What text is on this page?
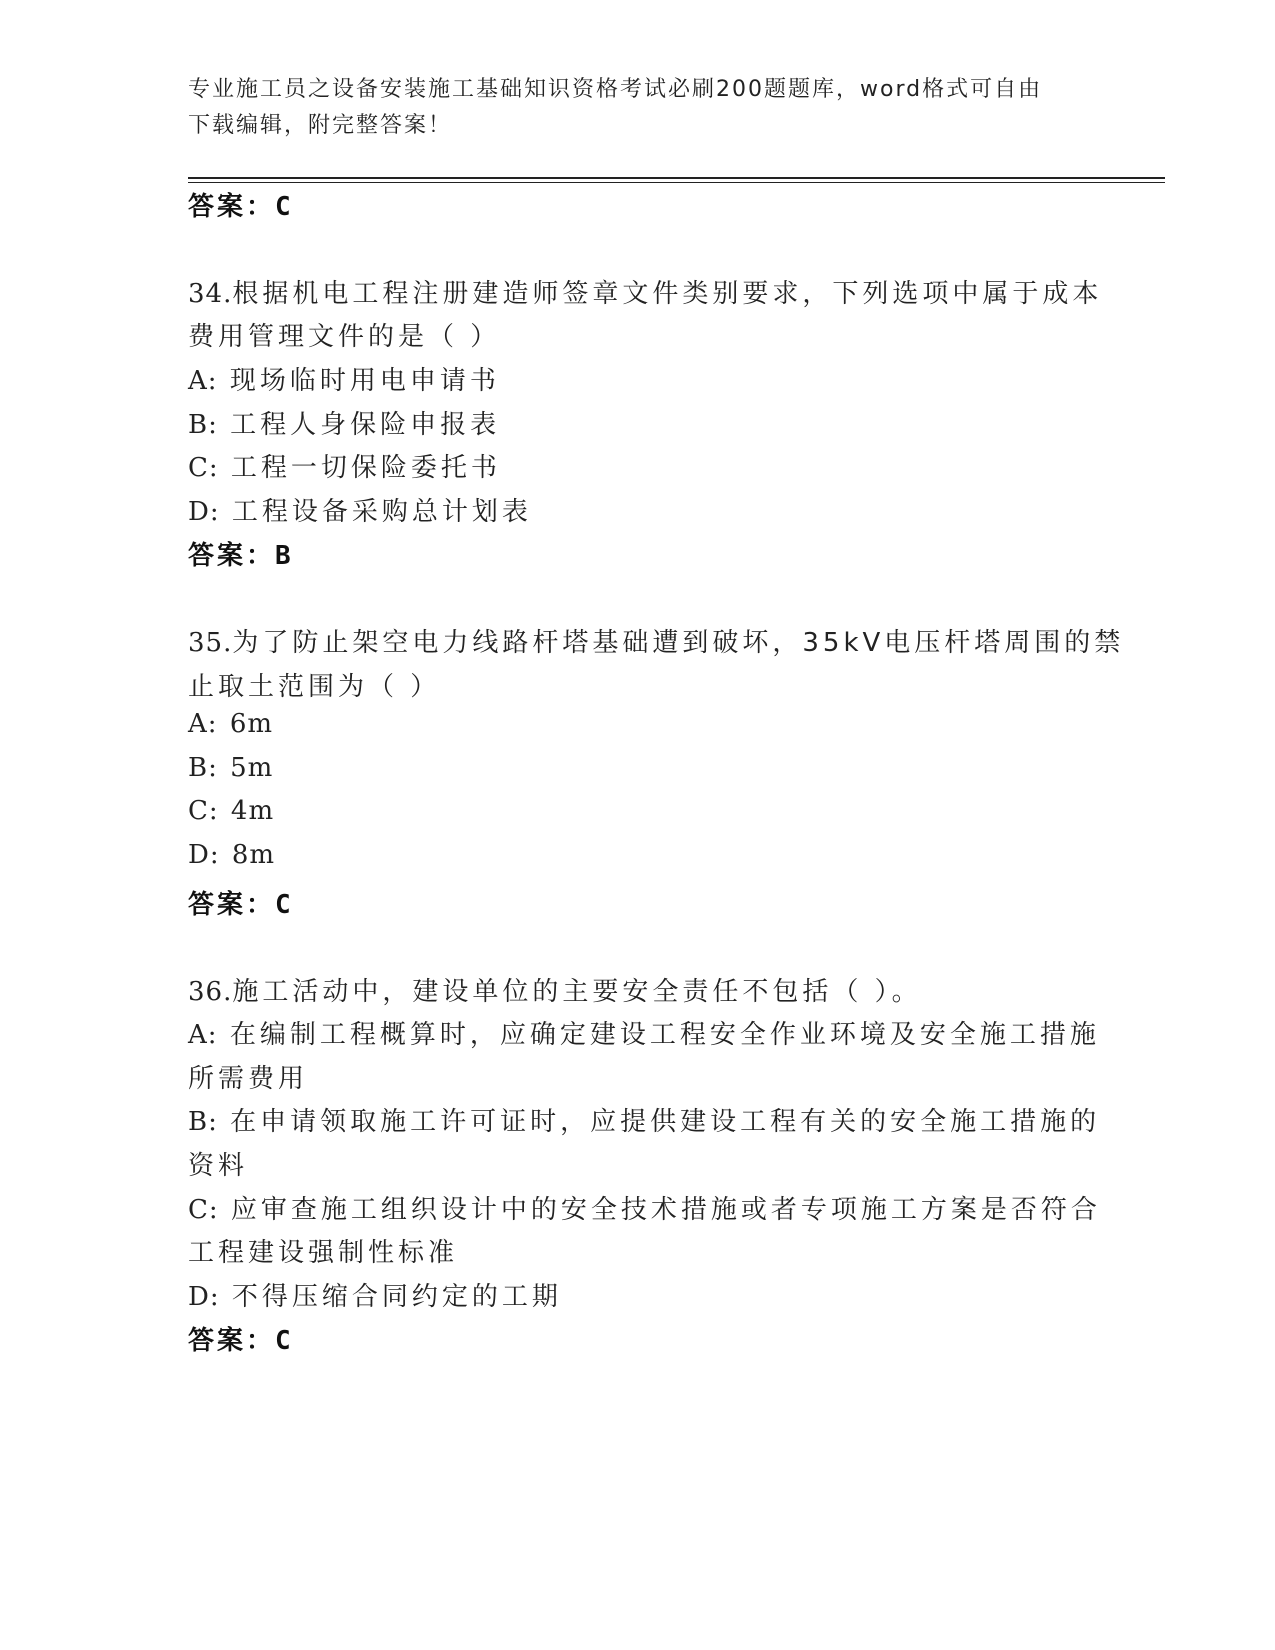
专业施工员之设备安装施工基础知识资格考试必刷200题题库，word格式可自由
下载编辑，附完整答案！
答案：C
34.根据机电工程注册建造师签章文件类别要求，下列选项中属于成本
费用管理文件的是（ ）
A: 现场临时用电申请书
B: 工程人身保险申报表
C: 工程一切保险委托书
D: 工程设备采购总计划表
答案：B
35.为了防止架空电力线路杆塔基础遭到破坏，35kV电压杆塔周围的禁
止取土范围为（ ）
A: 6m
B: 5m
C: 4m
D: 8m
答案：C
36.施工活动中，建设单位的主要安全责任不包括（ ）。
A: 在编制工程概算时，应确定建设工程安全作业环境及安全施工措施
所需费用
B: 在申请领取施工许可证时，应提供建设工程有关的安全施工措施的
资料
C: 应审查施工组织设计中的安全技术措施或者专项施工方案是否符合
工程建设强制性标准
D: 不得压缩合同约定的工期
答案：C
